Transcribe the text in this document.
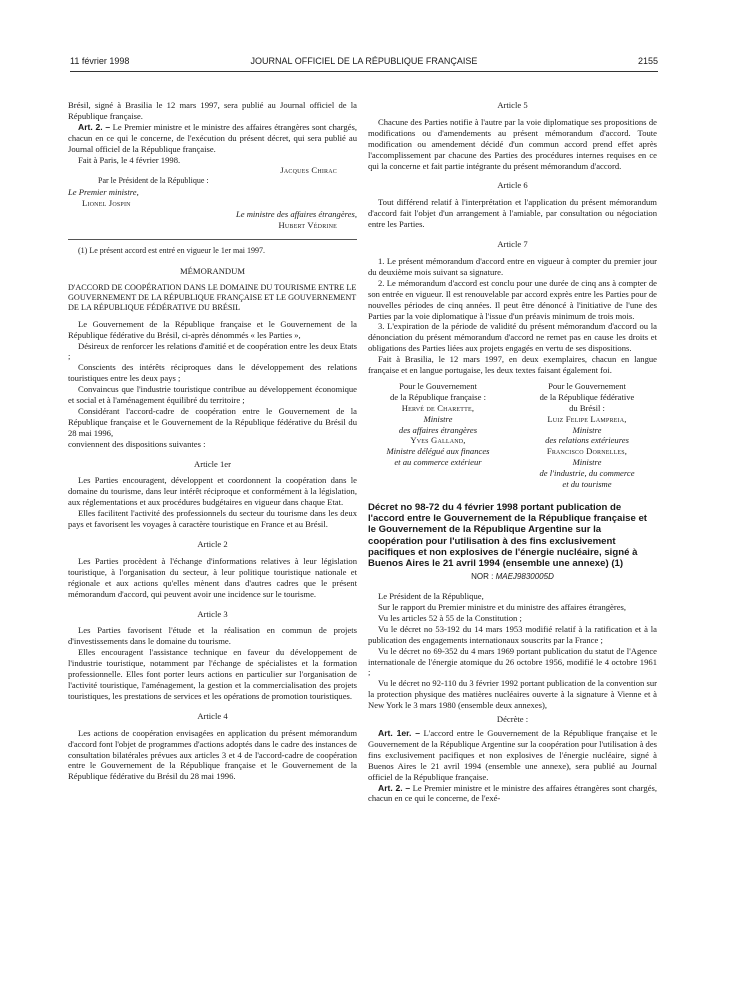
11 février 1998	JOURNAL OFFICIEL DE LA RÉPUBLIQUE FRANÇAISE	2155

Brésil, signé à Brasilia le 12 mars 1997, sera publié au Journal officiel de la République française.

Art. 2. – Le Premier ministre et le ministre des affaires étrangères sont chargés, chacun en ce qui le concerne, de l'exécution du présent décret, qui sera publié au Journal officiel de la République française.

Fait à Paris, le 4 février 1998.

Jacques Chirac

Par le Président de la République :

Le Premier ministre,

Lionel Jospin

Le ministre des affaires étrangères,

Hubert Védrine

(1) Le présent accord est entré en vigueur le 1er mai 1997.

MÉMORANDUM

D'ACCORD DE COOPÉRATION DANS LE DOMAINE DU TOURISME ENTRE LE GOUVERNEMENT DE LA RÉPUBLIQUE FRANÇAISE ET LE GOUVERNEMENT DE LA RÉPUBLIQUE FÉDÉRATIVE DU BRÉSIL

Le Gouvernement de la République française et le Gouvernement de la République fédérative du Brésil, ci-après dénommés « les Parties »,

Désireux de renforcer les relations d'amitié et de coopération entre les deux Etats ;

Conscients des intérêts réciproques dans le développement des relations touristiques entre les deux pays ;

Convaincus que l'industrie touristique contribue au développement économique et social et à l'aménagement équilibré du territoire ;

Considérant l'accord-cadre de coopération entre le Gouvernement de la République française et le Gouvernement de la République fédérative du Brésil du 28 mai 1996,

conviennent des dispositions suivantes :

Article 1er

Les Parties encouragent, développent et coordonnent la coopération dans le domaine du tourisme, dans leur intérêt réciproque et conformément à la législation, aux réglementations et aux procédures budgétaires en vigueur dans chaque Etat.

Elles facilitent l'activité des professionnels du secteur du tourisme dans les deux pays et favorisent les voyages à caractère touristique en France et au Brésil.

Article 2

Les Parties procèdent à l'échange d'informations relatives à leur législation touristique, à l'organisation du secteur, à leur politique touristique nationale et régionale et aux actions qu'elles mènent dans d'autres cadres que le présent mémorandum d'accord, qui peuvent avoir une incidence sur le tourisme.

Article 3

Les Parties favorisent l'étude et la réalisation en commun de projets d'investissements dans le domaine du tourisme.

Elles encouragent l'assistance technique en faveur du développement de l'industrie touristique, notamment par l'échange de spécialistes et la formation professionnelle. Elles font porter leurs actions en particulier sur l'organisation de l'activité touristique, l'aménagement, la gestion et la commercialisation des projets touristiques, les prestations de services et les opérations de promotion touristiques.

Article 4

Les actions de coopération envisagées en application du présent mémorandum d'accord font l'objet de programmes d'actions adoptés dans le cadre des instances de consultation bilatérales prévues aux articles 3 et 4 de l'accord-cadre de coopération entre le Gouvernement de la République française et le Gouvernement de la République fédérative du Brésil du 28 mai 1996.

Article 5

Chacune des Parties notifie à l'autre par la voie diplomatique ses propositions de modifications ou d'amendements au présent mémorandum d'accord. Toute modification ou amendement décidé d'un commun accord prend effet après l'accomplissement par chacune des Parties des procédures internes requises en ce qui la concerne et fait partie intégrante du présent mémorandum d'accord.

Article 6

Tout différend relatif à l'interprétation et l'application du présent mémorandum d'accord fait l'objet d'un arrangement à l'amiable, par consultation ou négociation entre les Parties.

Article 7

1. Le présent mémorandum d'accord entre en vigueur à compter du premier jour du deuxième mois suivant sa signature.

2. Le mémorandum d'accord est conclu pour une durée de cinq ans à compter de son entrée en vigueur. Il est renouvelable par accord exprès entre les Parties pour de nouvelles périodes de cinq années. Il peut être dénoncé à l'initiative de l'une des Parties par la voie diplomatique à l'issue d'un préavis minimum de trois mois.

3. L'expiration de la période de validité du présent mémorandum d'accord ou la dénonciation du présent mémorandum d'accord ne remet pas en cause les droits et obligations des Parties liées aux projets engagés en vertu de ses dispositions.

Fait à Brasilia, le 12 mars 1997, en deux exemplaires, chacun en langue française et en langue portugaise, les deux textes faisant également foi.

Pour le Gouvernement

de la République française :

Hervé de Charette,

Ministre

des affaires étrangères

Yves Galland,

Ministre délégué aux finances

et au commerce extérieur

Pour le Gouvernement

de la République fédérative

du Brésil :

Luiz Felipe Lampreia,

Ministre

des relations extérieures

Francisco Dornelles,

Ministre

de l'industrie, du commerce

et du tourisme

Décret no 98-72 du 4 février 1998 portant publication de l'accord entre le Gouvernement de la République française et le Gouvernement de la République Argentine sur la coopération pour l'utilisation à des fins exclusivement pacifiques et non explosives de l'énergie nucléaire, signé à Buenos Aires le 21 avril 1994 (ensemble une annexe) (1)

NOR : MAEJ9830005D

Le Président de la République,

Sur le rapport du Premier ministre et du ministre des affaires étrangères,

Vu les articles 52 à 55 de la Constitution ;

Vu le décret no 53-192 du 14 mars 1953 modifié relatif à la ratification et à la publication des engagements internationaux souscrits par la France ;

Vu le décret no 69-352 du 4 mars 1969 portant publication du statut de l'Agence internationale de l'énergie atomique du 26 octobre 1956, modifié le 4 octobre 1961 ;

Vu le décret no 92-110 du 3 février 1992 portant publication de la convention sur la protection physique des matières nucléaires ouverte à la signature à Vienne et à New York le 3 mars 1980 (ensemble deux annexes),

Décrète :

Art. 1er. – L'accord entre le Gouvernement de la République française et le Gouvernement de la République Argentine sur la coopération pour l'utilisation à des fins exclusivement pacifiques et non explosives de l'énergie nucléaire, signé à Buenos Aires le 21 avril 1994 (ensemble une annexe), sera publié au Journal officiel de la République française.

Art. 2. – Le Premier ministre et le ministre des affaires étrangères sont chargés, chacun en ce qui le concerne, de l'exé-
